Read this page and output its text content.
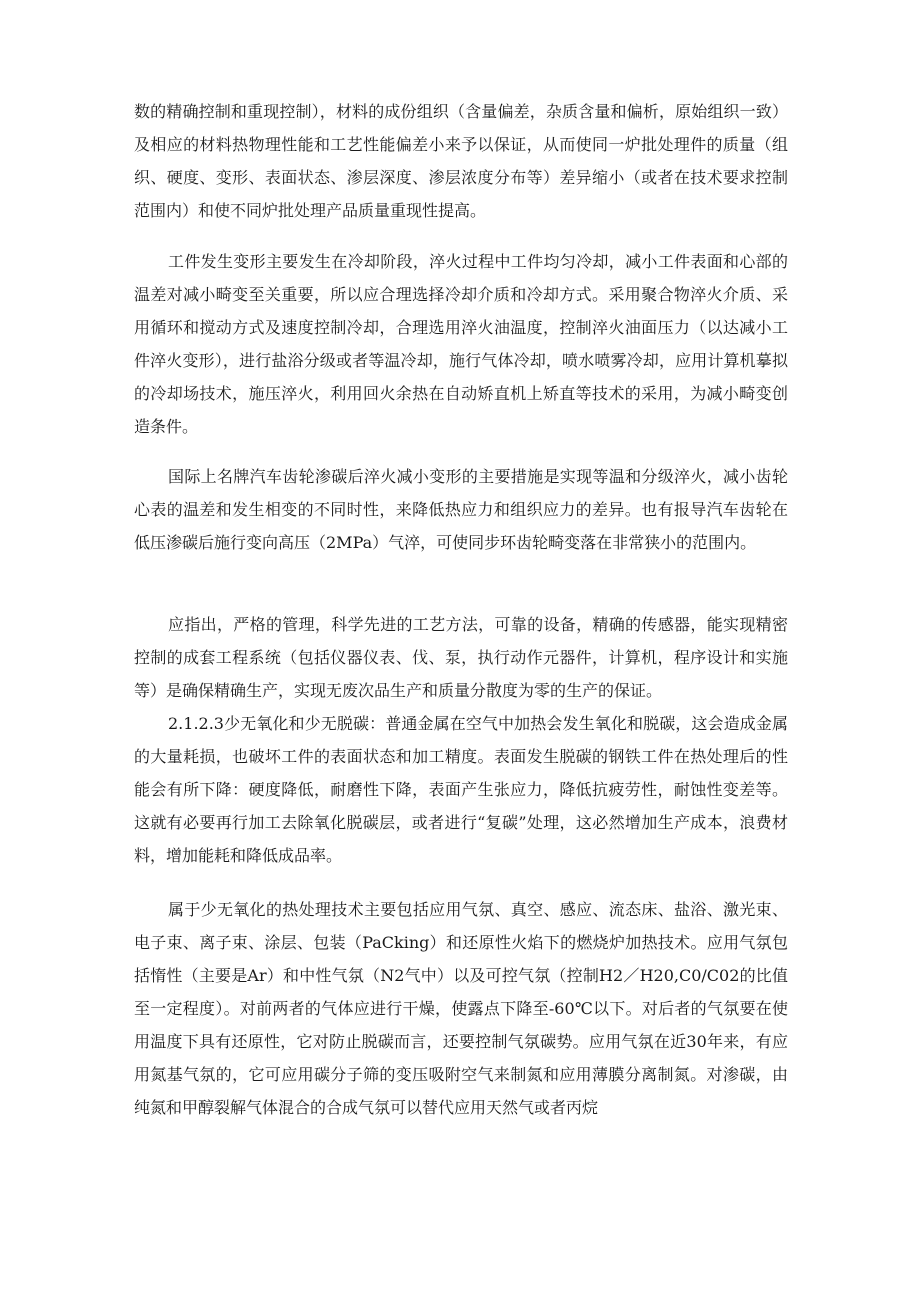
数的精确控制和重现控制），材料的成份组织（含量偏差，杂质含量和偏析，原始组织一致）及相应的材料热物理性能和工艺性能偏差小来予以保证，从而使同一炉批处理件的质量（组织、硬度、变形、表面状态、渗层深度、渗层浓度分布等）差异缩小（或者在技术要求控制范围内）和使不同炉批处理产品质量重现性提高。

工件发生变形主要发生在冷却阶段，淬火过程中工件均匀冷却，减小工件表面和心部的温差对减小畸变至关重要，所以应合理选择冷却介质和冷却方式。采用聚合物淬火介质、采用循环和搅动方式及速度控制冷却，合理选用淬火油温度，控制淬火油面压力（以达减小工件淬火变形），进行盐浴分级或者等温冷却，施行气体冷却，喷水喷雾冷却，应用计算机摹拟的冷却场技术，施压淬火，利用回火余热在自动矫直机上矫直等技术的采用，为减小畸变创造条件。

国际上名牌汽车齿轮渗碳后淬火减小变形的主要措施是实现等温和分级淬火，减小齿轮心表的温差和发生相变的不同时性，来降低热应力和组织应力的差异。也有报导汽车齿轮在低压渗碳后施行变向高压（2MPa）气淬，可使同步环齿轮畸变落在非常狭小的范围内。

应指出，严格的管理，科学先进的工艺方法，可靠的设备，精确的传感器，能实现精密控制的成套工程系统（包括仪器仪表、伐、泵，执行动作元器件，计算机，程序设计和实施等）是确保精确生产，实现无废次品生产和质量分散度为零的生产的保证。

2.1.2.3少无氧化和少无脱碳：普通金属在空气中加热会发生氧化和脱碳，这会造成金属的大量耗损，也破坏工件的表面状态和加工精度。表面发生脱碳的钢铁工件在热处理后的性能会有所下降：硬度降低，耐磨性下降，表面产生张应力，降低抗疲劳性，耐蚀性变差等。这就有必要再行加工去除氧化脱碳层，或者进行“复碳”处理，这必然增加生产成本，浪费材料，增加能耗和降低成品率。

属于少无氧化的热处理技术主要包括应用气氛、真空、感应、流态床、盐浴、激光束、电子束、离子束、涂层、包装（PaCking）和还原性火焰下的燃烧炉加热技术。应用气氛包括惰性（主要是Ar）和中性气氛（N2气中）以及可控气氛（控制H2／H20,C0/C02的比值至一定程度）。对前两者的气体应进行干燥，使露点下降至-60℃以下。对后者的气氛要在使用温度下具有还原性，它对防止脱碳而言，还要控制气氛碳势。应用气氛在近30年来，有应用氮基气氛的，它可应用碳分子筛的变压吸附空气来制氮和应用薄膜分离制氮。对渗碳，由纯氮和甲醇裂解气体混合的合成气氛可以替代应用天然气或者丙烷
